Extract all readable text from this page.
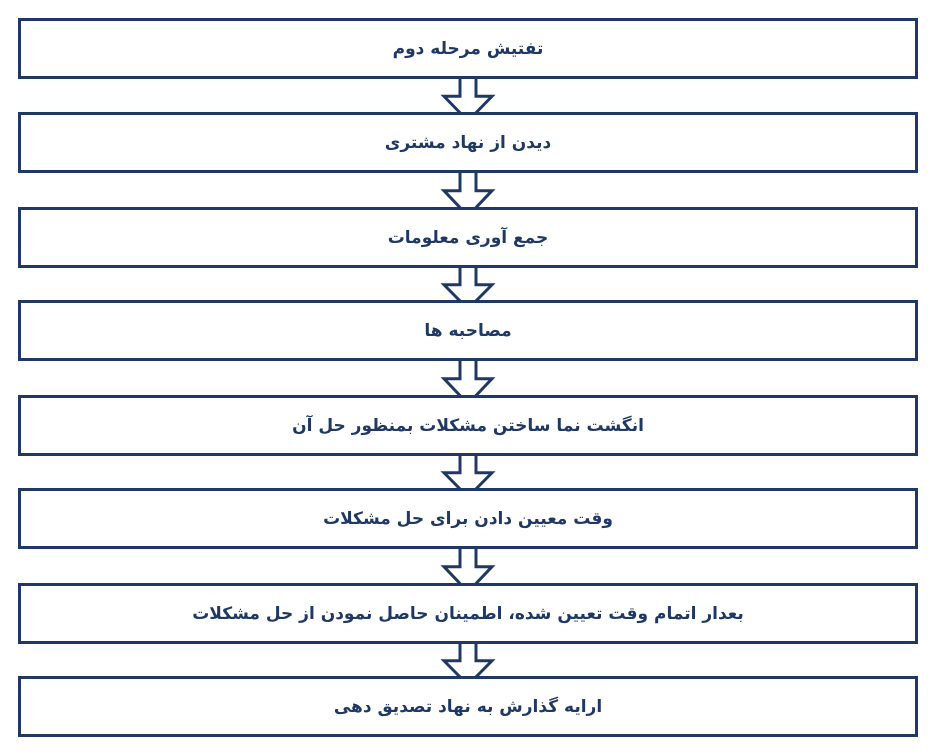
تفتیش مرحله دوم
دیدن از نهاد مشتری
جمع آوری معلومات
مصاحبه ها
انگشت نما ساختن مشکلات بمنظور حل آن
وقت معیین دادن برای حل مشکلات
بعدار اتمام وقت تعیین شده، اطمینان حاصل نمودن از حل مشکلات
ارایه گذارش به نهاد تصدیق دهی
